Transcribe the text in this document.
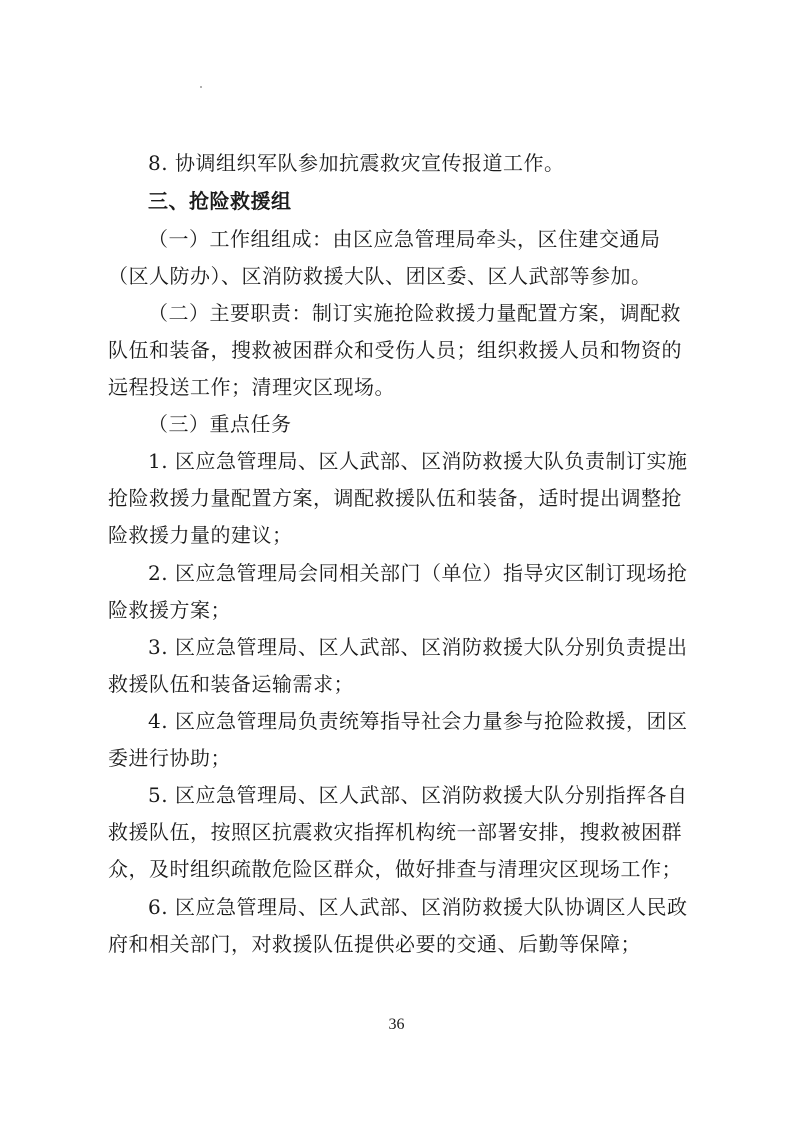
8. 协调组织军队参加抗震救灾宣传报道工作。

三、抢险救援组

（一）工作组组成：由区应急管理局牵头，区住建交通局（区人防办）、区消防救援大队、团区委、区人武部等参加。

（二）主要职责：制订实施抢险救援力量配置方案，调配救队伍和装备，搜救被困群众和受伤人员；组织救援人员和物资的远程投送工作；清理灾区现场。

（三）重点任务

1. 区应急管理局、区人武部、区消防救援大队负责制订实施抢险救援力量配置方案，调配救援队伍和装备，适时提出调整抢险救援力量的建议；

2. 区应急管理局会同相关部门（单位）指导灾区制订现场抢险救援方案；

3. 区应急管理局、区人武部、区消防救援大队分别负责提出救援队伍和装备运输需求；

4. 区应急管理局负责统筹指导社会力量参与抢险救援，团区委进行协助；

5. 区应急管理局、区人武部、区消防救援大队分别指挥各自救援队伍，按照区抗震救灾指挥机构统一部署安排，搜救被困群众，及时组织疏散危险区群众，做好排查与清理灾区现场工作；

6. 区应急管理局、区人武部、区消防救援大队协调区人民政府和相关部门，对救援队伍提供必要的交通、后勤等保障；

36
